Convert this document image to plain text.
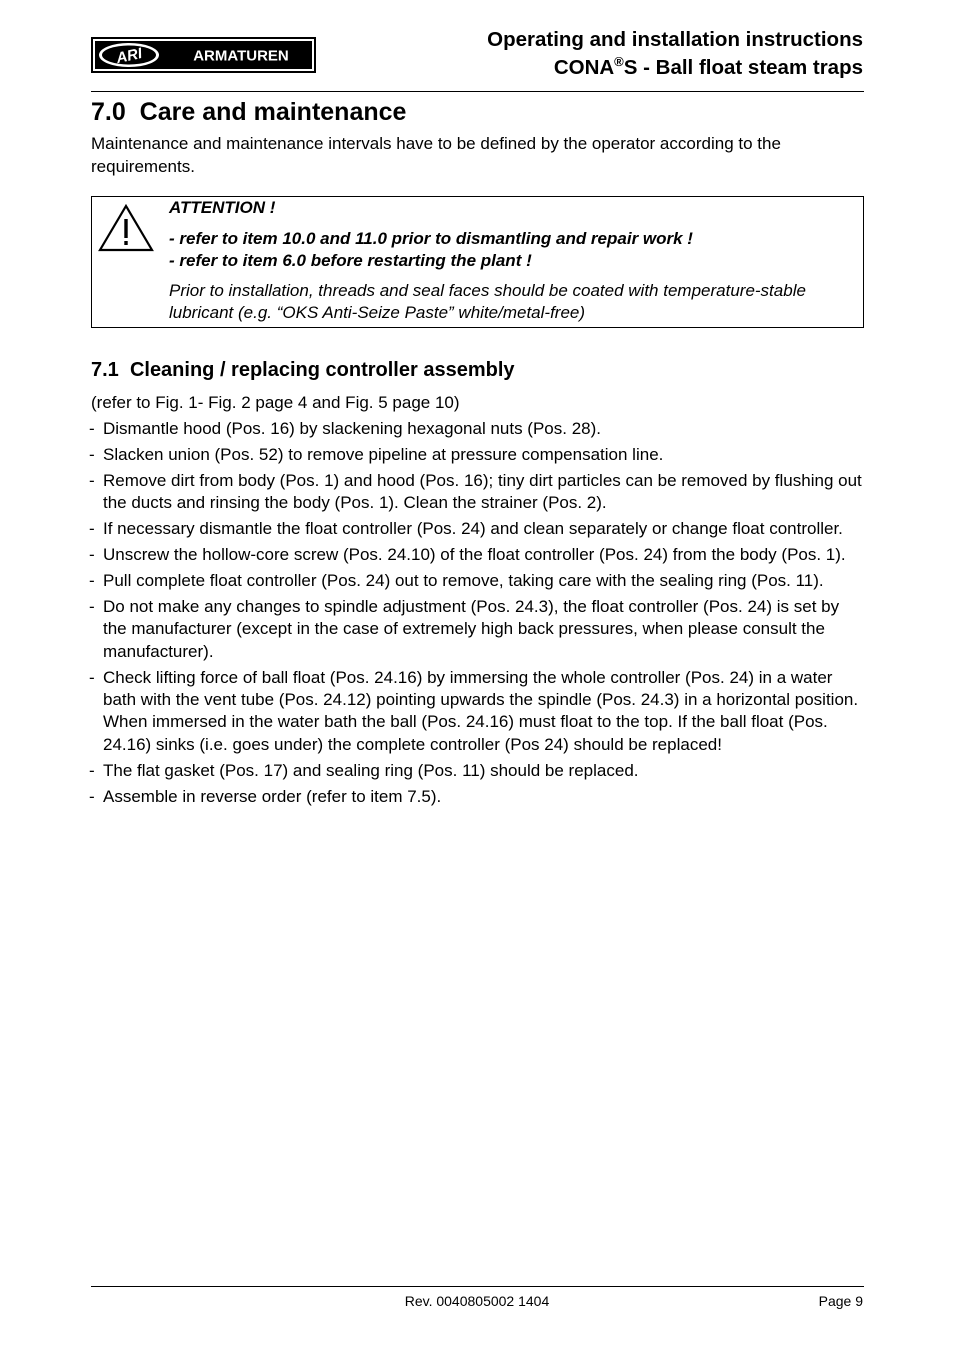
ARI	ARMATUREN
Operating and installation instructions
CONA®S - Ball float steam traps
7.0 Care and maintenance
Maintenance and maintenance intervals have to be defined by the operator according to the requirements.
ATTENTION !
- refer to item 10.0 and 11.0 prior to dismantling and repair work !
- refer to item 6.0 before restarting the plant !
Prior to installation, threads and seal faces should be coated with temperature-stable lubricant (e.g. “OKS Anti-Seize Paste” white/metal-free)
7.1 Cleaning / replacing controller assembly
(refer to Fig. 1- Fig. 2 page 4 and Fig. 5 page 10)
- Dismantle hood (Pos. 16) by slackening hexagonal nuts (Pos. 28).
- Slacken union (Pos. 52) to remove pipeline at pressure compensation line.
- Remove dirt from body (Pos. 1) and hood (Pos. 16); tiny dirt particles can be removed by flushing out the ducts and rinsing the body (Pos. 1). Clean the strainer (Pos. 2).
- If necessary dismantle the float controller (Pos. 24) and clean separately or change float controller.
- Unscrew the hollow-core screw (Pos. 24.10) of the float controller (Pos. 24) from the body (Pos. 1).
- Pull complete float controller (Pos. 24) out to remove, taking care with the sealing ring (Pos. 11).
- Do not make any changes to spindle adjustment (Pos. 24.3), the float controller (Pos. 24) is set by the manufacturer (except in the case of extremely high back pressures, when please consult the manufacturer).
- Check lifting force of ball float (Pos. 24.16) by immersing the whole controller (Pos. 24) in a water bath with the vent tube (Pos. 24.12) pointing upwards the spindle (Pos. 24.3) in a horizontal position. When immersed in the water bath the ball (Pos. 24.16) must float to the top. If the ball float (Pos. 24.16) sinks (i.e. goes under) the complete controller (Pos 24) should be replaced!
- The flat gasket (Pos. 17) and sealing ring (Pos. 11) should be replaced.
- Assemble in reverse order (refer to item 7.5).
Rev. 0040805002 1404	Page 9
